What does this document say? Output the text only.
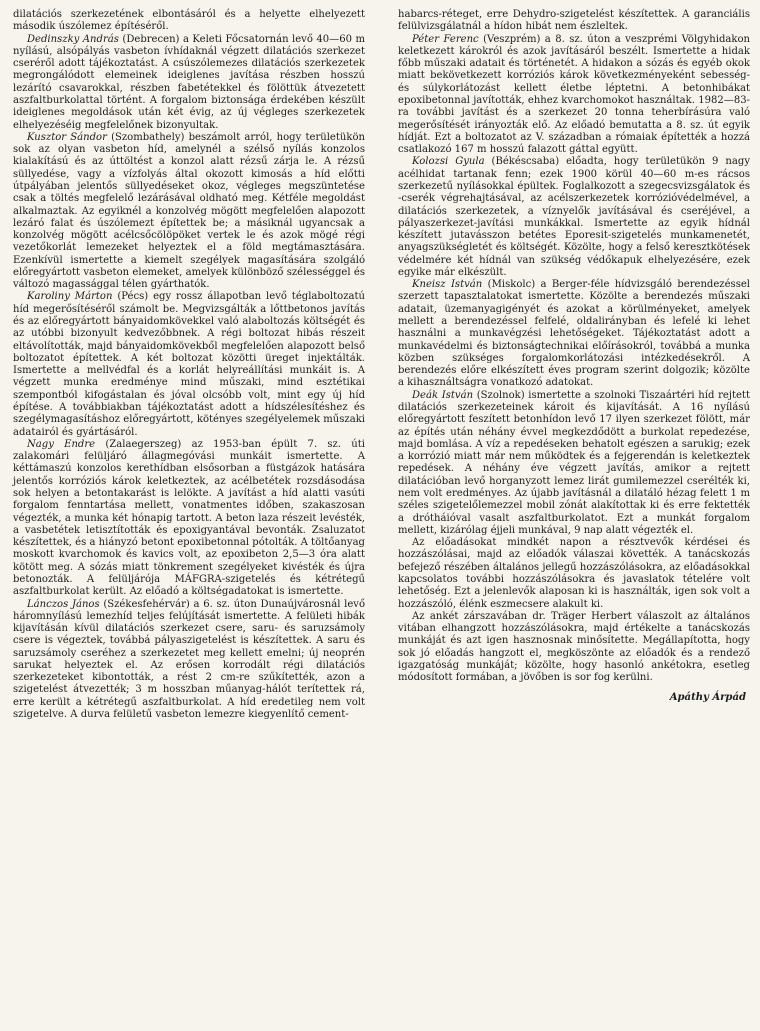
dilatációs szerkezetének elbontásáról és a helyette elhelyezett második úszólemez építéséről.

Dedinszky András (Debrecen) a Keleti Főcsatornán levő 40—60 m nyílású, alsópályás vasbeton ívhídaknál végzett dilatációs szerkezet cseréről adott tájékoztatást. A csúszólemezes dilatációs szerkezetek megrongálódott elemeinek ideiglenes javítása részben hosszú lezárító csavarokkal, részben fabetétekkel és fölöttük átvezetett aszfaltburkolattal történt. A forgalom biztonsága érdekében készült ideiglenes megoldások után két évig, az új végleges szerkezetek elhelyezéséig megfelelőnek bizonyultak.

Kusztor Sándor (Szombathely) beszámolt arról, hogy területükön sok az olyan vasbeton híd, amelynél a szélső nyílás konzolos kialakítású és az úttöltést a konzol alatt rézsű zárja le. A rézsű süllyedése, vagy a vízfolyás által okozott kimosás a híd előtti útpályában jelentős süllyedéseket okoz, végleges megszüntetése csak a töltés megfelelő lezárásával oldható meg. Kétféle megoldást alkalmaztak. Az egyiknél a konzolvég mögött megfelelően alapozott lezáró falat és úszólemezt építettek be; a másiknál ugyancsak a konzolvég mögött acélcsőcölöpöket vertek le és azok mögé régi vezetőkorlát lemezeket helyeztek el a föld megtámasztására. Ezenkívül ismertette a kiemelt szegélyek magasítására szolgáló előregyártott vasbeton elemeket, amelyek különböző szélességgel és változó magassággal télen gyárthatók.

Karoliny Márton (Pécs) egy rossz állapotban levő téglaboltozatú híd megerősítéséről számolt be. Megvizsgálták a lőttbetonos javítás és az előregyártott bányaidomkövekkel való alaboltozás költségét és az utóbbi bizonyult kedvezőbbnek. A régi boltozat hibás részeit eltávolították, majd bányaidomkövekből megfelelően alapozott belső boltozatot építettek. A két boltozat közötti üreget injektálták. Ismertette a mellvédfal és a korlát helyreállítási munkáit is. A végzett munka eredménye mind műszaki, mind esztétikai szempontból kifogástalan és jóval olcsóbb volt, mint egy új híd építése. A továbbiakban tájékoztatást adott a hídszélesítéshez és szegélymagasításhoz előregyártott, kötényes szegélyelemek műszaki adatairól és gyártásáról.

Nagy Endre (Zalaegerszeg) az 1953-ban épült 7. sz. úti zalakomári felüljáró állagmegóvási munkáit ismertette. A kéttámaszú konzolos kerethídban elsősorban a füstgázok hatására jelentős korróziós károk keletkeztek, az acélbetétek rozsdásodása sok helyen a betontakarást is lelökte. A javítást a híd alatti vasúti forgalom fenntartása mellett, vonatmentes időben, szakaszosan végezték, a munka két hónapig tartott. A beton laza részeit levésték, a vasbetétek letisztították és epoxigyantával bevonták. Zsaluzatot készítettek, és a hiányzó betont epoxibetonnal pótolták. A töltőanyag moskott kvarchomok és kavics volt, az epoxibeton 2,5—3 óra alatt kötött meg. A sózás miatt tönkrement szegélyeket kivésték és újra betonozták. A felüljárója MÁFGRA-szigetelés és kétrétegű aszfaltburkolat került. Az előadó a költségadatokat is ismertette.

Lánczos János (Székesfehérvár) a 6. sz. úton Dunaújvárosnál levő háromnyílású lemezhíd teljes felújítását ismertette. A felületi hibák kijavításán kívül dilatációs szerkezet csere, saru- és saruzsámoly csere is végeztek, továbbá pályaszigetelést is készítettek. A saru és saruzsámoly cseréhez a szerkezetet meg kellett emelni; új neoprén sarukat helyeztek el. Az erősen korrodált régi dilatációs szerkezeteket kibontották, a rést 2 cm-re szűkítették, azon a szigetelést átvezették; 3 m hosszban műanyag-hálót terítettek rá, erre került a kétrétegű aszfaltburkolat. A híd eredetileg nem volt szigetelve. A durva felületű vasbeton lemezre kiegyenlítő cement-

habarcs-réteget, erre Dehydro-szigetelést készítettek. A garanciális felülvizsgálatnál a hídon hibát nem észleltek.

Péter Ferenc (Veszprém) a 8. sz. úton a veszprémi Völgyhidakon keletkezett károkról és azok javításáról beszélt. Ismertette a hidak főbb műszaki adatait és történetét. A hidakon a sózás és egyéb okok miatt bekövetkezett korróziós károk következményeként sebesség- és súlykorlátozást kellett életbe léptetni. A betonhibákat epoxibetonnal javították, ehhez kvarchomokot használtak. 1982—83-ra további javítást és a szerkezet 20 tonna teherbírásúra való megerősítését irányozták elő. Az előadó bemutatta a 8. sz. út egyik hídját. Ezt a boltozatot az V. században a rómaiak építették a hozzá csatlakozó 167 m hosszú falazott gáttal együtt.

Kolozsi Gyula (Békéscsaba) előadta, hogy területükön 9 nagy acélhidat tartanak fenn; ezek 1900 körül 40—60 m-es rácsos szerkezetű nyílásokkal épültek. Foglalkozott a szegecsvizsgálatok és -cserék végrehajtásával, az acélszerkezetek korrózióvédelmével, a dilatációs szerkezetek, a víznyelők javításával és cseréjével, a pályaszerkezet-javítási munkákkal. Ismertette az egyik hídnál készített jutavásszon betétes Eporesit-szigetelés munkamenetét, anyagszükségletét és költségét. Közölte, hogy a felső keresztkötések védelmére két hídnál van szükség védőkapuk elhelyezésére, ezek egyike már elkészült.

Kneisz István (Miskolc) a Berger-féle hídvizsgáló berendezéssel szerzett tapasztalatokat ismertette. Közölte a berendezés műszaki adatait, üzemanyagigényét és azokat a körülményeket, amelyek mellett a berendezéssel felfelé, oldalirányban és lefelé ki lehet használni a munkavégzési lehetőségeket. Tájékoztatást adott a munkavédelmi és biztonságtechnikai előírásokról, továbbá a munka közben szükséges forgalomkorlátozási intézkedésekről. A berendezés előre elkészített éves program szerint dolgozik; közölte a kihasználtságra vonatkozó adatokat.

Deák István (Szolnok) ismertette a szolnoki Tiszaártéri híd rejtett dilatációs szerkezeteinek károit és kijavítását. A 16 nyílású előregyártott feszített betonhídon levő 17 ilyen szerkezet fölött, már az építés után néhány évvel megkezdődött a burkolat repedezése, majd bomlása. A víz a repedéseken behatolt egészen a sarukig; ezek a korrózió miatt már nem működtek és a fejgerendán is keletkeztek repedések. A néhány éve végzett javítás, amikor a rejtett dilatációban levő horganyzott lemez lirát gumilemezzel cserélték ki, nem volt eredményes. Az újabb javításnál a dilatáló hézag felett 1 m széles szigetelőlemezzel mobil zónát alakítottak ki és erre fektették a drótháióval vasalt aszfaltburkolatot. Ezt a munkát forgalom mellett, kizárólag éjjeli munkával, 9 nap alatt végezték el.

Az előadásokat mindkét napon a résztvevők kérdései és hozzászólásai, majd az előadók válaszai követték. A tanácskozás befejező részében általános jellegű hozzászólásokra, az előadásokkal kapcsolatos további hozzászólásokra és javaslatok tételére volt lehetőség. Ezt a jelenlevők alaposan ki is használták, igen sok volt a hozzászóló, élénk eszmecsere alakult ki.

Az ankét zárszavában dr. Träger Herbert válaszolt az általános vitában elhangzott hozzászólásokra, majd értékelte a tanácskozás munkáját és azt igen hasznosnak minősítette. Megállapította, hogy sok jó előadás hangzott el, megköszönte az előadók és a rendező igazgatóság munkáját; közölte, hogy hasonló ankétokra, esetleg módosított formában, a jövőben is sor fog kerülni.

Apáthy Árpád
